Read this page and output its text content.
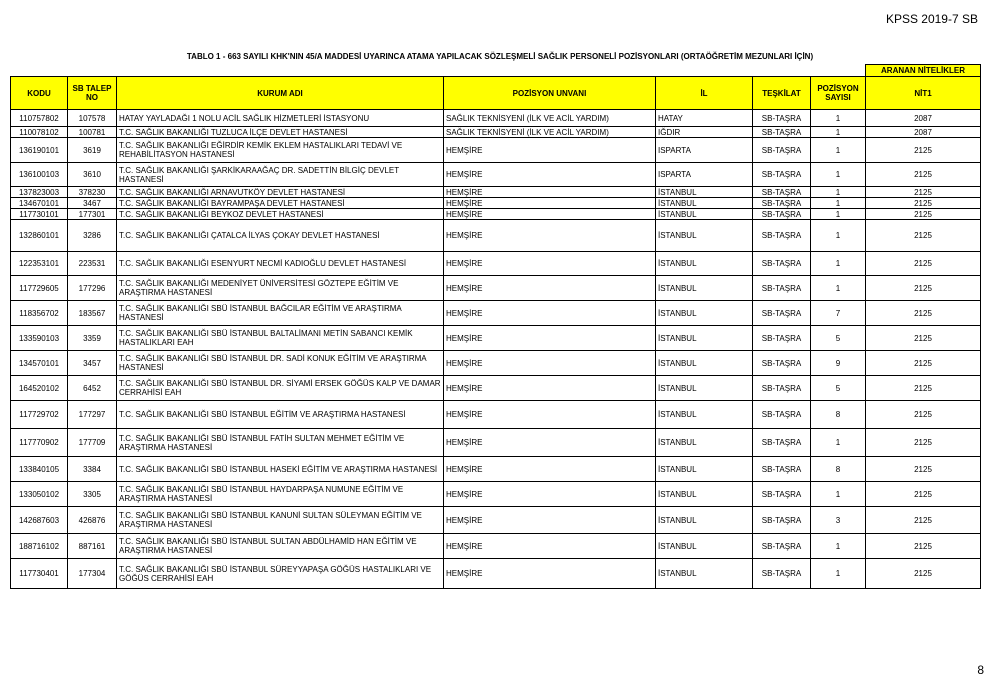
KPSS 2019-7 SB
TABLO 1 - 663 SAYILI KHK'NIN 45/A MADDESİ UYARINCA ATAMA YAPILACAK SÖZLEŞMELİ SAĞLIK PERSONELİ POZİSYONLARI (ORTAÖĞRETİM MEZUNLARI İÇİN)
							ARANAN NİTELİKLER
KODU	SB TALEP NO	KURUM ADI	POZİSYON UNVANI	İL	TEŞKİLAT	POZİSYON SAYISI	NİT1
110757802	107578	HATAY YAYLADAĞI 1 NOLU ACİL SAĞLIK HİZMETLERİ İSTASYONU	SAĞLIK TEKNİSYENİ (İLK VE ACİL YARDIM)	HATAY	SB-TAŞRA	1	2087
110078102	100781	T.C. SAĞLIK BAKANLIĞI TUZLUCA İLÇE DEVLET HASTANESİ	SAĞLIK TEKNİSYENİ (İLK VE ACİL YARDIM)	IĞDIR	SB-TAŞRA	1	2087
136190101	3619	T.C. SAĞLIK BAKANLIĞI EĞİRDİR KEMİK EKLEM HASTALIKLARI TEDAVİ VE REHABİLİTASYON HASTANESİ	HEMŞİRE	ISPARTA	SB-TAŞRA	1	2125
136100103	3610	T.C. SAĞLIK BAKANLIĞI ŞARKİKARAAĞAÇ DR. SADETTİN BİLGİÇ DEVLET HASTANESİ	HEMŞİRE	ISPARTA	SB-TAŞRA	1	2125
137823003	378230	T.C. SAĞLIK BAKANLIĞI ARNAVUTKÖY DEVLET HASTANESİ	HEMŞİRE	İSTANBUL	SB-TAŞRA	1	2125
134670101	3467	T.C. SAĞLIK BAKANLIĞI BAYRAMPAŞA DEVLET HASTANESİ	HEMŞİRE	İSTANBUL	SB-TAŞRA	1	2125
117730101	177301	T.C. SAĞLIK BAKANLIĞI BEYKOZ DEVLET HASTANESİ	HEMŞİRE	İSTANBUL	SB-TAŞRA	1	2125
132860101	3286	T.C. SAĞLIK BAKANLIĞI ÇATALCA İLYAS ÇOKAY DEVLET HASTANESİ	HEMŞİRE	İSTANBUL	SB-TAŞRA	1	2125
122353101	223531	T.C. SAĞLIK BAKANLIĞI ESENYURT NECMİ KADIOĞLU DEVLET HASTANESİ	HEMŞİRE	İSTANBUL	SB-TAŞRA	1	2125
117729605	177296	T.C. SAĞLIK BAKANLIĞI MEDENİYET ÜNİVERSİTESİ GÖZTEPE EĞİTİM VE ARAŞTIRMA HASTANESİ	HEMŞİRE	İSTANBUL	SB-TAŞRA	1	2125
118356702	183567	T.C. SAĞLIK BAKANLIĞI SBÜ İSTANBUL BAĞCILAR EĞİTİM VE ARAŞTIRMA HASTANESİ	HEMŞİRE	İSTANBUL	SB-TAŞRA	7	2125
133590103	3359	T.C. SAĞLIK BAKANLIĞI SBÜ İSTANBUL BALTALİMANI METİN SABANCI KEMİK HASTALIKLARI EAH	HEMŞİRE	İSTANBUL	SB-TAŞRA	5	2125
134570101	3457	T.C. SAĞLIK BAKANLIĞI SBÜ İSTANBUL DR. SADİ KONUK EĞİTİM VE ARAŞTIRMA HASTANESİ	HEMŞİRE	İSTANBUL	SB-TAŞRA	9	2125
164520102	6452	T.C. SAĞLIK BAKANLIĞI SBÜ İSTANBUL DR. SİYAMİ ERSEK GÖĞÜS KALP VE DAMAR CERRAHİSİ EAH	HEMŞİRE	İSTANBUL	SB-TAŞRA	5	2125
117729702	177297	T.C. SAĞLIK BAKANLIĞI SBÜ İSTANBUL EĞİTİM VE ARAŞTIRMA HASTANESİ	HEMŞİRE	İSTANBUL	SB-TAŞRA	8	2125
117770902	177709	T.C. SAĞLIK BAKANLIĞI SBÜ İSTANBUL FATİH SULTAN MEHMET EĞİTİM VE ARAŞTIRMA HASTANESİ	HEMŞİRE	İSTANBUL	SB-TAŞRA	1	2125
133840105	3384	T.C. SAĞLIK BAKANLIĞI SBÜ İSTANBUL HASEKİ EĞİTİM VE ARAŞTIRMA HASTANESİ	HEMŞİRE	İSTANBUL	SB-TAŞRA	8	2125
133050102	3305	T.C. SAĞLIK BAKANLIĞI SBÜ İSTANBUL HAYDARPAŞA NUMUNE EĞİTİM VE ARAŞTIRMA HASTANESİ	HEMŞİRE	İSTANBUL	SB-TAŞRA	1	2125
142687603	426876	T.C. SAĞLIK BAKANLIĞI SBÜ İSTANBUL KANUNİ SULTAN SÜLEYMAN EĞİTİM VE ARAŞTIRMA HASTANESİ	HEMŞİRE	İSTANBUL	SB-TAŞRA	3	2125
188716102	887161	T.C. SAĞLIK BAKANLIĞI SBÜ İSTANBUL SULTAN ABDÜLHAMİD HAN EĞİTİM VE ARAŞTIRMA HASTANESİ	HEMŞİRE	İSTANBUL	SB-TAŞRA	1	2125
117730401	177304	T.C. SAĞLIK BAKANLIĞI SBÜ İSTANBUL SÜREYYAPAŞA GÖĞÜS HASTALIKLARI VE GÖĞÜS CERRAHİSİ EAH	HEMŞİRE	İSTANBUL	SB-TAŞRA	1	2125
8
